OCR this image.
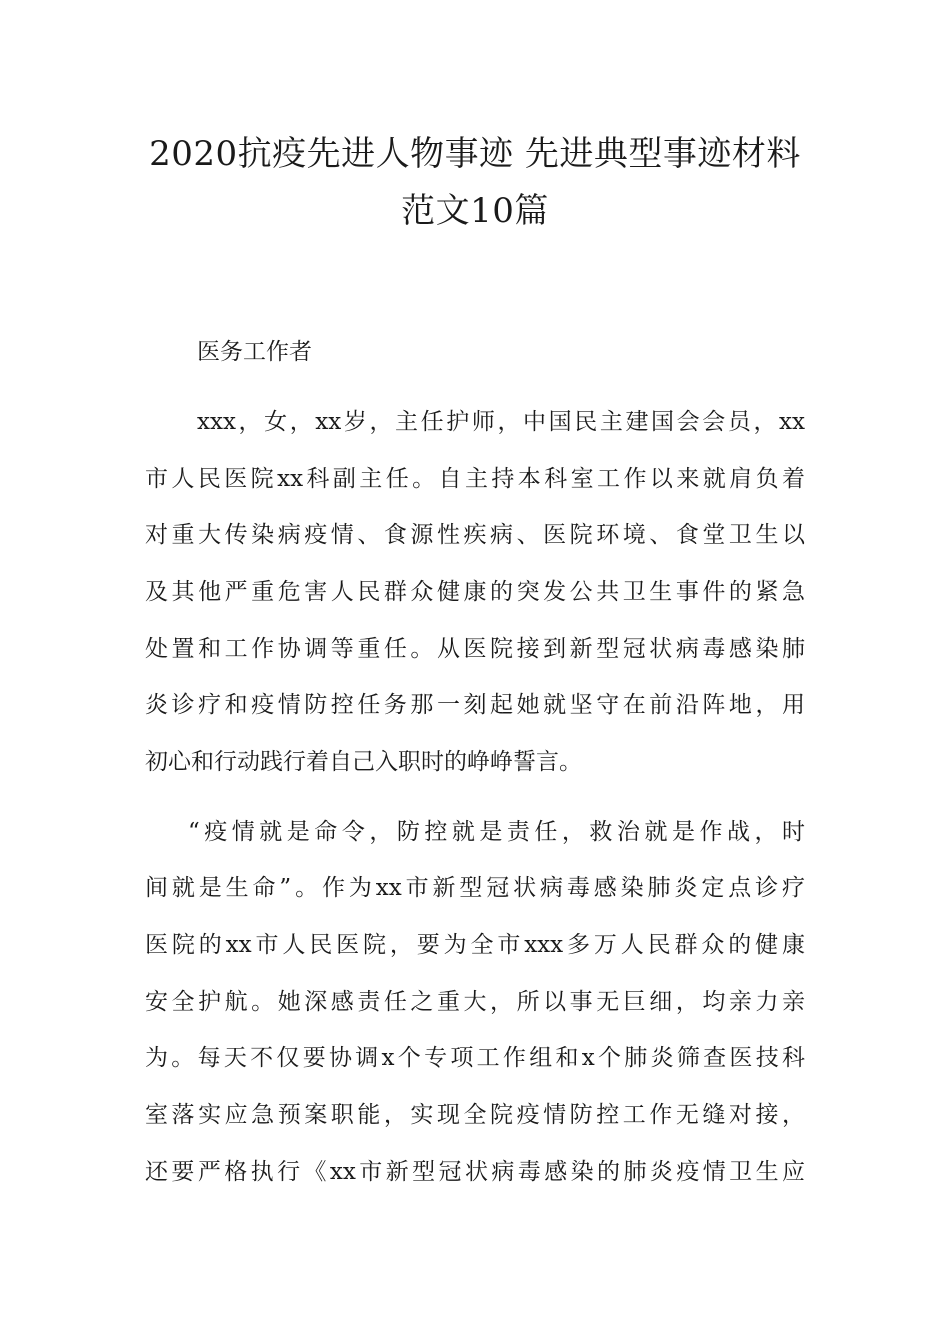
2020抗疫先进人物事迹 先进典型事迹材料
范文10篇
医务工作者
xxx，女，xx岁，主任护师，中国民主建国会会员，xx
市人民医院xx科副主任。自主持本科室工作以来就肩负着
对重大传染病疫情、食源性疾病、医院环境、食堂卫生以
及其他严重危害人民群众健康的突发公共卫生事件的紧急
处置和工作协调等重任。从医院接到新型冠状病毒感染肺
炎诊疗和疫情防控任务那一刻起她就坚守在前沿阵地，用
初心和行动践行着自己入职时的峥峥誓言。
“疫情就是命令，防控就是责任，救治就是作战，时
间就是生命”。作为xx市新型冠状病毒感染肺炎定点诊疗
医院的xx市人民医院，要为全市xxx多万人民群众的健康
安全护航。她深感责任之重大，所以事无巨细，均亲力亲
为。每天不仅要协调x个专项工作组和x个肺炎筛查医技科
室落实应急预案职能，实现全院疫情防控工作无缝对接，
还要严格执行《xx市新型冠状病毒感染的肺炎疫情卫生应
